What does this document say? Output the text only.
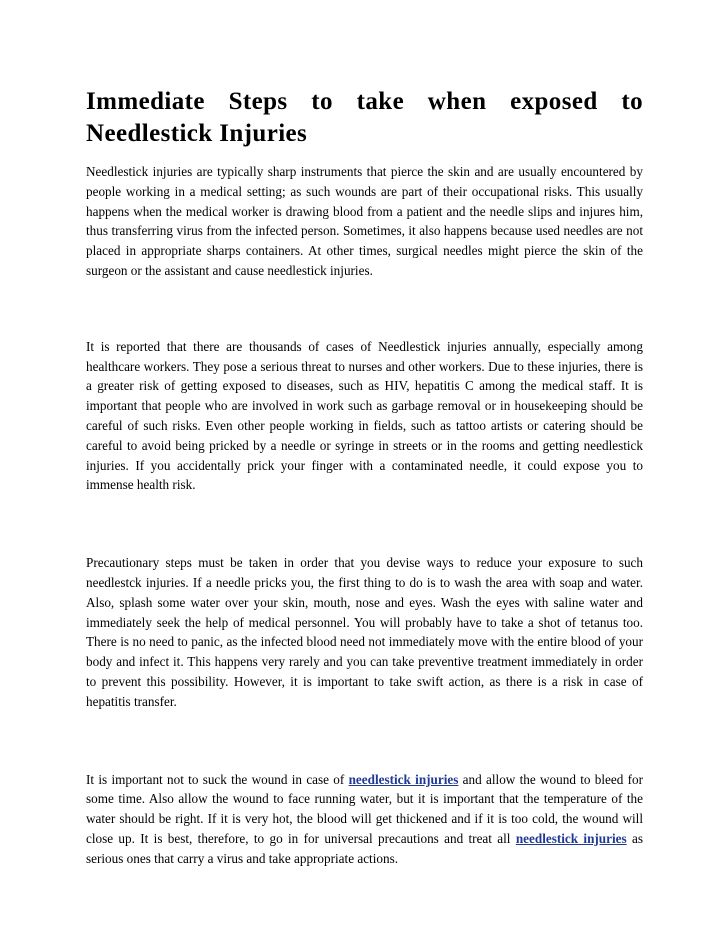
Immediate Steps to take when exposed to
Needlestick Injuries

Needlestick injuries are typically sharp instruments that pierce the skin and are usually encountered by people working in a medical setting; as such wounds are part of their occupational risks. This usually happens when the medical worker is drawing blood from a patient and the needle slips and injures him, thus transferring virus from the infected person. Sometimes, it also happens because used needles are not placed in appropriate sharps containers. At other times, surgical needles might pierce the skin of the surgeon or the assistant and cause needlestick injuries.

It is reported that there are thousands of cases of Needlestick injuries annually, especially among healthcare workers. They pose a serious threat to nurses and other workers. Due to these injuries, there is a greater risk of getting exposed to diseases, such as HIV, hepatitis C among the medical staff. It is important that people who are involved in work such as garbage removal or in housekeeping should be careful of such risks. Even other people working in fields, such as tattoo artists or catering should be careful to avoid being pricked by a needle or syringe in streets or in the rooms and getting needlestick injuries. If you accidentally prick your finger with a contaminated needle, it could expose you to immense health risk.

Precautionary steps must be taken in order that you devise ways to reduce your exposure to such needlestck injuries. If a needle pricks you, the first thing to do is to wash the area with soap and water. Also, splash some water over your skin, mouth, nose and eyes. Wash the eyes with saline water and immediately seek the help of medical personnel. You will probably have to take a shot of tetanus too. There is no need to panic, as the infected blood need not immediately move with the entire blood of your body and infect it. This happens very rarely and you can take preventive treatment immediately in order to prevent this possibility. However, it is important to take swift action, as there is a risk in case of hepatitis transfer.

It is important not to suck the wound in case of needlestick injuries and allow the wound to bleed for some time. Also allow the wound to face running water, but it is important that the temperature of the water should be right. If it is very hot, the blood will get thickened and if it is too cold, the wound will close up. It is best, therefore, to go in for universal precautions and treat all needlestick injuries as serious ones that carry a virus and take appropriate actions.
